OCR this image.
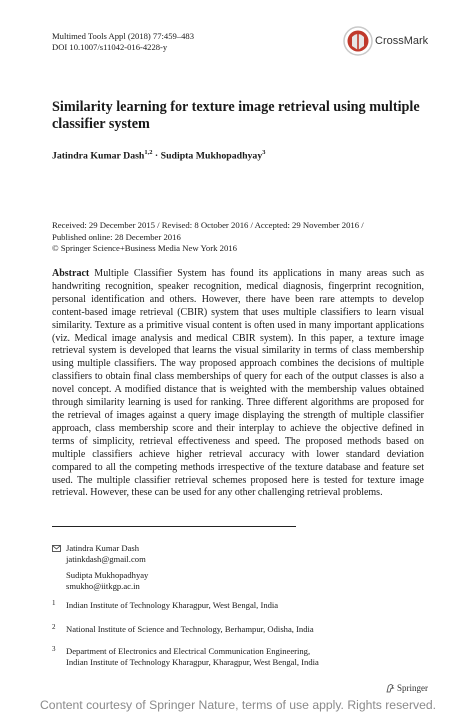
Multimed Tools Appl (2018) 77:459–483
DOI 10.1007/s11042-016-4228-y	CrossMark
Similarity learning for texture image retrieval using multiple classifier system
Jatindra Kumar Dash$^{1,2}$ · Sudipta Mukhopadhyay$^3$
Received: 29 December 2015 / Revised: 8 October 2016 / Accepted: 29 November 2016 /
Published online: 28 December 2016
© Springer Science+Business Media New York 2016
Abstract Multiple Classifier System has found its applications in many areas such as handwriting recognition, speaker recognition, medical diagnosis, fingerprint recognition, personal identification and others. However, there have been rare attempts to develop content-based image retrieval (CBIR) system that uses multiple classifiers to learn visual similarity. Texture as a primitive visual content is often used in many important applications (viz. Medical image analysis and medical CBIR system). In this paper, a texture image retrieval system is developed that learns the visual similarity in terms of class membership using multiple classifiers. The way proposed approach combines the decisions of multiple classifiers to obtain final class memberships of query for each of the output classes is also a novel concept. A modified distance that is weighted with the membership values obtained through similarity learning is used for ranking. Three different algorithms are proposed for the retrieval of images against a query image displaying the strength of multiple classifier approach, class membership score and their interplay to achieve the objective defined in terms of simplicity, retrieval effectiveness and speed. The proposed methods based on multiple classifiers achieve higher retrieval accuracy with lower standard deviation compared to all the competing methods irrespective of the texture database and feature set used. The multiple classifier retrieval schemes proposed here is tested for texture image retrieval. However, these can be used for any other challenging retrieval problems.
Jatindra Kumar Dash
jatinkdash@gmail.com
Sudipta Mukhopadhyay
smukho@iitkgp.ac.in
1 Indian Institute of Technology Kharagpur, West Bengal, India
2 National Institute of Science and Technology, Berhampur, Odisha, India
3 Department of Electronics and Electrical Communication Engineering,
Indian Institute of Technology Kharagpur, Kharagpur, West Bengal, India
Springer
Content courtesy of Springer Nature, terms of use apply. Rights reserved.
